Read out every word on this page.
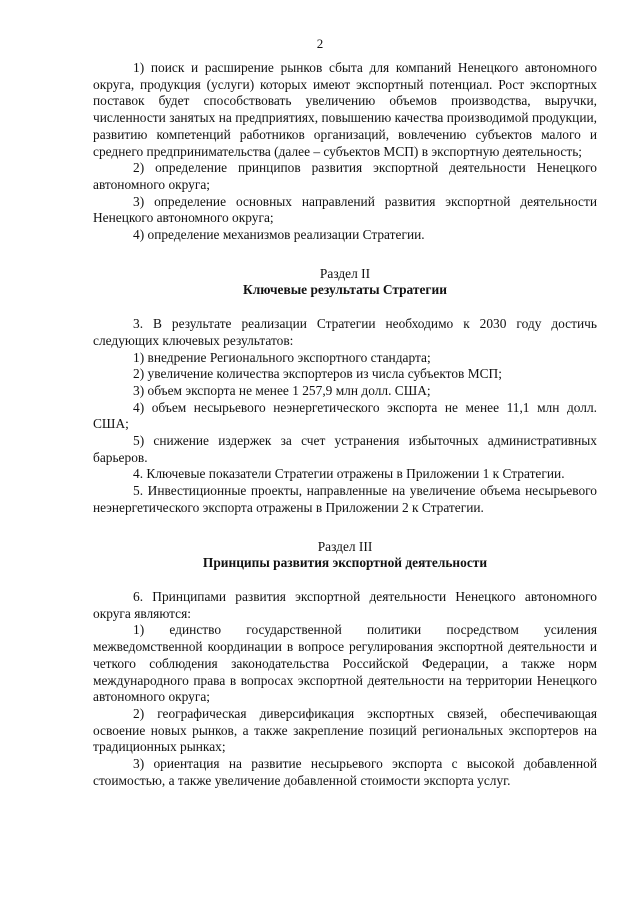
2

1) поиск и расширение рынков сбыта для компаний Ненецкого автономного округа, продукция (услуги) которых имеют экспортный потенциал. Рост экспортных поставок будет способствовать увеличению объемов производства, выручки, численности занятых на предприятиях, повышению качества производимой продукции, развитию компетенций работников организаций, вовлечению субъектов малого и среднего предпринимательства (далее – субъектов МСП) в экспортную деятельность;

2) определение принципов развития экспортной деятельности Ненецкого автономного округа;

3) определение основных направлений развития экспортной деятельности Ненецкого автономного округа;

4) определение механизмов реализации Стратегии.

Раздел II

Ключевые результаты Стратегии

3. В результате реализации Стратегии необходимо к 2030 году достичь следующих ключевых результатов:

1) внедрение Регионального экспортного стандарта;

2) увеличение количества экспортеров из числа субъектов МСП;

3) объем экспорта не менее 1 257,9 млн долл. США;

4) объем несырьевого неэнергетического экспорта не менее 11,1 млн долл. США;

5) снижение издержек за счет устранения избыточных административных барьеров.

4. Ключевые показатели Стратегии отражены в Приложении 1 к Стратегии.

5. Инвестиционные проекты, направленные на увеличение объема несырьевого неэнергетического экспорта отражены в Приложении 2 к Стратегии.

Раздел III

Принципы развития экспортной деятельности

6. Принципами развития экспортной деятельности Ненецкого автономного округа являются:

1) единство государственной политики посредством усиления межведомственной координации в вопросе регулирования экспортной деятельности и четкого соблюдения законодательства Российской Федерации, а также норм международного права в вопросах экспортной деятельности на территории Ненецкого автономного округа;

2) географическая диверсификация экспортных связей, обеспечивающая освоение новых рынков, а также закрепление позиций региональных экспортеров на традиционных рынках;

3) ориентация на развитие несырьевого экспорта с высокой добавленной стоимостью, а также увеличение добавленной стоимости экспорта услуг.
